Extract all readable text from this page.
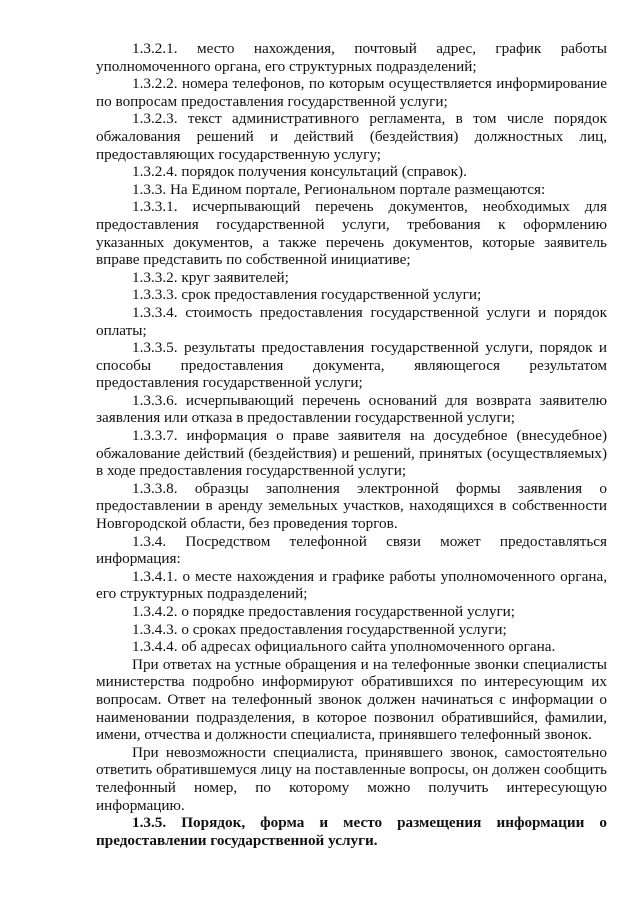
1.3.2.1. место нахождения, почтовый адрес, график работы уполномоченного органа, его структурных подразделений;

1.3.2.2. номера телефонов, по которым осуществляется информирование по вопросам предоставления государственной услуги;

1.3.2.3. текст административного регламента, в том числе порядок обжалования решений и действий (бездействия) должностных лиц, предоставляющих государственную услугу;

1.3.2.4. порядок получения консультаций (справок).

1.3.3. На Едином портале, Региональном портале размещаются:

1.3.3.1. исчерпывающий перечень документов, необходимых для предоставления государственной услуги, требования к оформлению указанных документов, а также перечень документов, которые заявитель вправе представить по собственной инициативе;

1.3.3.2. круг заявителей;

1.3.3.3. срок предоставления государственной услуги;

1.3.3.4. стоимость предоставления государственной услуги и порядок оплаты;

1.3.3.5. результаты предоставления государственной услуги, порядок и способы предоставления документа, являющегося результатом предоставления государственной услуги;

1.3.3.6. исчерпывающий перечень оснований для возврата заявителю заявления или отказа в предоставлении государственной услуги;

1.3.3.7. информация о праве заявителя на досудебное (внесудебное) обжалование действий (бездействия) и решений, принятых (осуществляемых) в ходе предоставления государственной услуги;

1.3.3.8. образцы заполнения электронной формы заявления о предоставлении в аренду земельных участков, находящихся в собственности Новгородской области, без проведения торгов.

1.3.4. Посредством телефонной связи может предоставляться информация:

1.3.4.1. о месте нахождения и графике работы уполномоченного органа, его структурных подразделений;

1.3.4.2. о порядке предоставления государственной услуги;

1.3.4.3. о сроках предоставления государственной услуги;

1.3.4.4. об адресах официального сайта уполномоченного органа.

При ответах на устные обращения и на телефонные звонки специалисты министерства подробно информируют обратившихся по интересующим их вопросам. Ответ на телефонный звонок должен начинаться с информации о наименовании подразделения, в которое позвонил обратившийся, фамилии, имени, отчества и должности специалиста, принявшего телефонный звонок.

При невозможности специалиста, принявшего звонок, самостоятельно ответить обратившемуся лицу на поставленные вопросы, он должен сообщить телефонный номер, по которому можно получить интересующую информацию.

1.3.5. Порядок, форма и место размещения информации о предоставлении государственной услуги.
